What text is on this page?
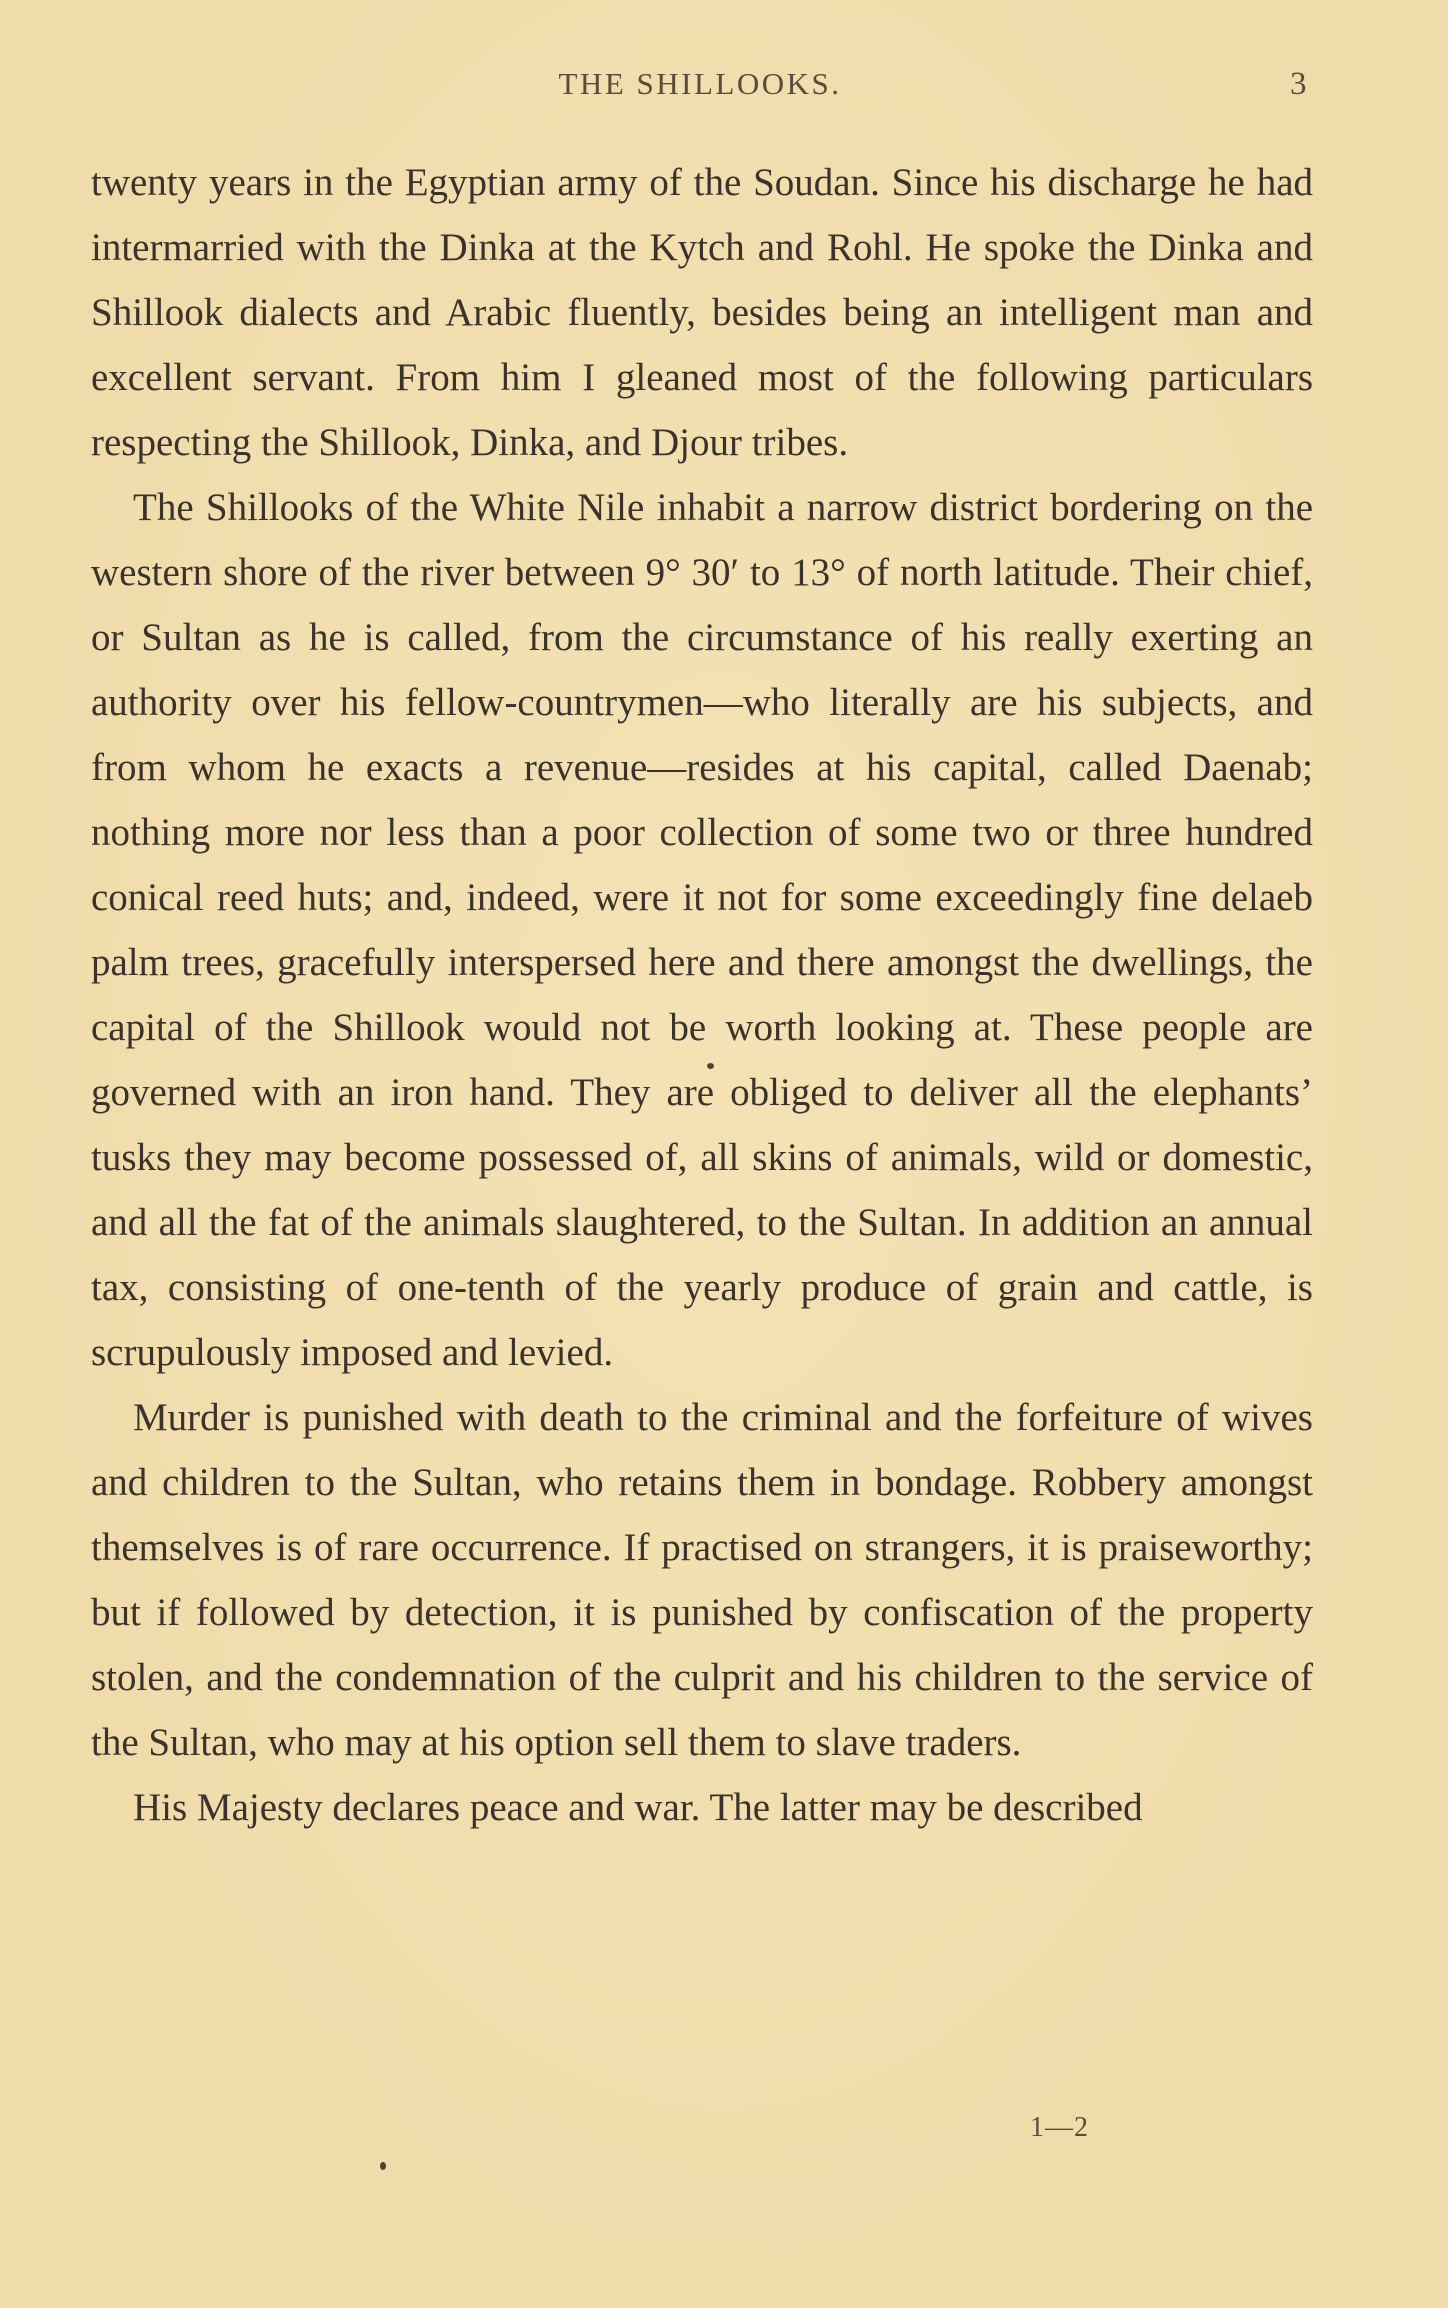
THE SHILLOOKS.	3

twenty years in the Egyptian army of the Soudan. Since his discharge he had intermarried with the Dinka at the Kytch and Rohl. He spoke the Dinka and Shillook dialects and Arabic fluently, besides being an intelligent man and excellent servant. From him I gleaned most of the following particulars respecting the Shillook, Dinka, and Djour tribes.

The Shillooks of the White Nile inhabit a narrow district bordering on the western shore of the river between 9° 30′ to 13° of north latitude. Their chief, or Sultan as he is called, from the circumstance of his really exerting an authority over his fellow-countrymen—who literally are his subjects, and from whom he exacts a revenue—resides at his capital, called Daenab; nothing more nor less than a poor collection of some two or three hundred conical reed huts; and, indeed, were it not for some exceedingly fine delaeb palm trees, gracefully interspersed here and there amongst the dwellings, the capital of the Shillook would not be worth looking at. These people are governed with an iron hand. They are obliged to deliver all the elephants’ tusks they may become possessed of, all skins of animals, wild or domestic, and all the fat of the animals slaughtered, to the Sultan. In addition an annual tax, consisting of one-tenth of the yearly produce of grain and cattle, is scrupulously imposed and levied.

Murder is punished with death to the criminal and the forfeiture of wives and children to the Sultan, who retains them in bondage. Robbery amongst themselves is of rare occurrence. If practised on strangers, it is praiseworthy; but if followed by detection, it is punished by confiscation of the property stolen, and the condemnation of the culprit and his children to the service of the Sultan, who may at his option sell them to slave traders.

His Majesty declares peace and war. The latter may be described

1—2
